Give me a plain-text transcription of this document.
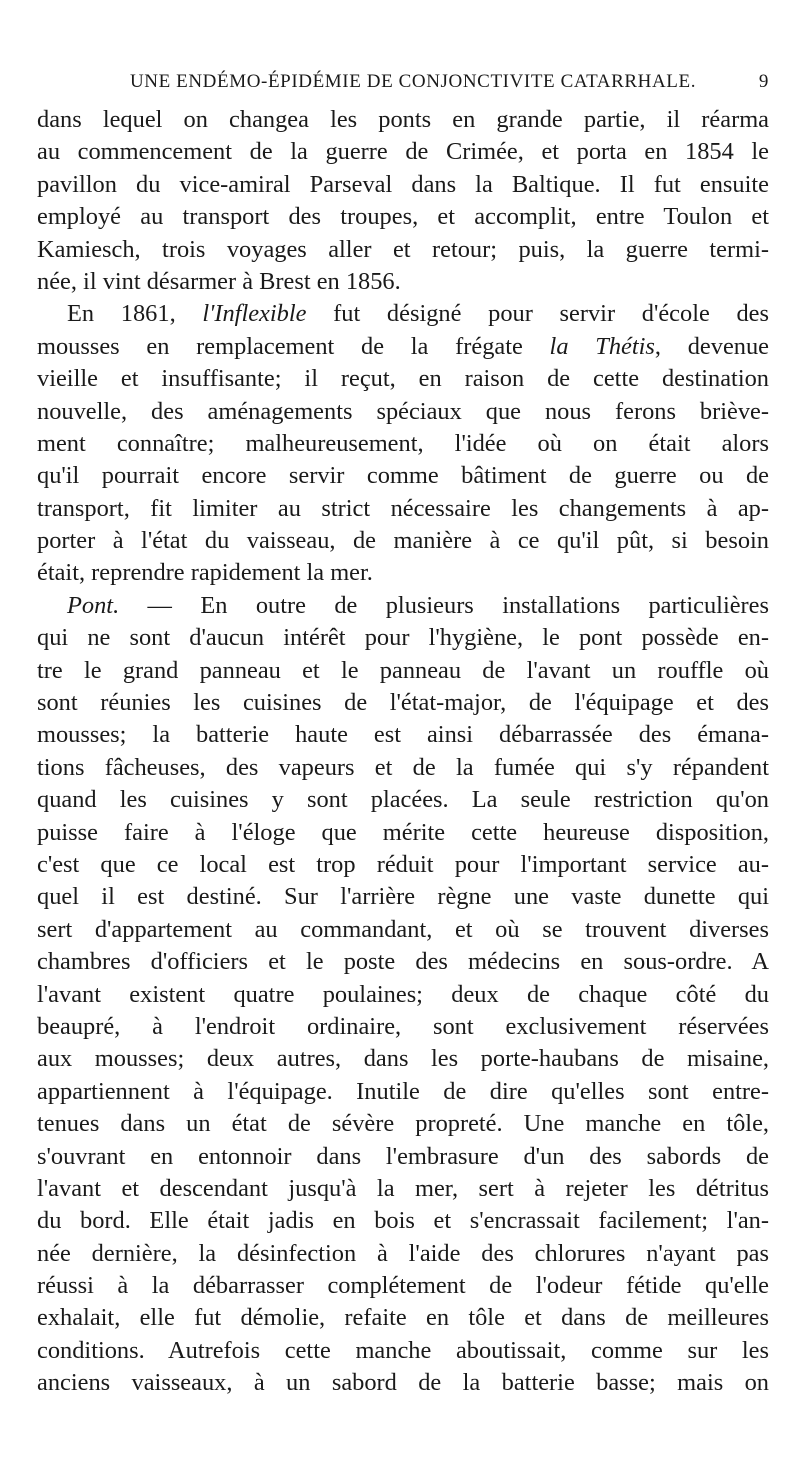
UNE ENDÉMO-ÉPIDÉMIE DE CONJONCTIVITE CATARRHALE.	9
dans lequel on changea les ponts en grande partie, il réarma
au commencement de la guerre de Crimée, et porta en 1854 le
pavillon du vice-amiral Parseval dans la Baltique. Il fut ensuite
employé au transport des troupes, et accomplit, entre Toulon et
Kamiesch, trois voyages aller et retour; puis, la guerre termi-
née, il vint désarmer à Brest en 1856.
En 1861, l'Inflexible fut désigné pour servir d'école des
mousses en remplacement de la frégate la Thétis, devenue
vieille et insuffisante; il reçut, en raison de cette destination
nouvelle, des aménagements spéciaux que nous ferons briève-
ment connaître; malheureusement, l'idée où on était alors
qu'il pourrait encore servir comme bâtiment de guerre ou de
transport, fit limiter au strict nécessaire les changements à ap-
porter à l'état du vaisseau, de manière à ce qu'il pût, si besoin
était, reprendre rapidement la mer.
Pont. — En outre de plusieurs installations particulières
qui ne sont d'aucun intérêt pour l'hygiène, le pont possède en-
tre le grand panneau et le panneau de l'avant un rouffle où
sont réunies les cuisines de l'état-major, de l'équipage et des
mousses; la batterie haute est ainsi débarrassée des émana-
tions fâcheuses, des vapeurs et de la fumée qui s'y répandent
quand les cuisines y sont placées. La seule restriction qu'on
puisse faire à l'éloge que mérite cette heureuse disposition,
c'est que ce local est trop réduit pour l'important service au-
quel il est destiné. Sur l'arrière règne une vaste dunette qui
sert d'appartement au commandant, et où se trouvent diverses
chambres d'officiers et le poste des médecins en sous-ordre. A
l'avant existent quatre poulaines; deux de chaque côté du
beaupré, à l'endroit ordinaire, sont exclusivement réservées
aux mousses; deux autres, dans les porte-haubans de misaine,
appartiennent à l'équipage. Inutile de dire qu'elles sont entre-
tenues dans un état de sévère propreté. Une manche en tôle,
s'ouvrant en entonnoir dans l'embrasure d'un des sabords de
l'avant et descendant jusqu'à la mer, sert à rejeter les détritus
du bord. Elle était jadis en bois et s'encrassait facilement; l'an-
née dernière, la désinfection à l'aide des chlorures n'ayant pas
réussi à la débarrasser complétement de l'odeur fétide qu'elle
exhalait, elle fut démolie, refaite en tôle et dans de meilleures
conditions. Autrefois cette manche aboutissait, comme sur les
anciens vaisseaux, à un sabord de la batterie basse; mais on
